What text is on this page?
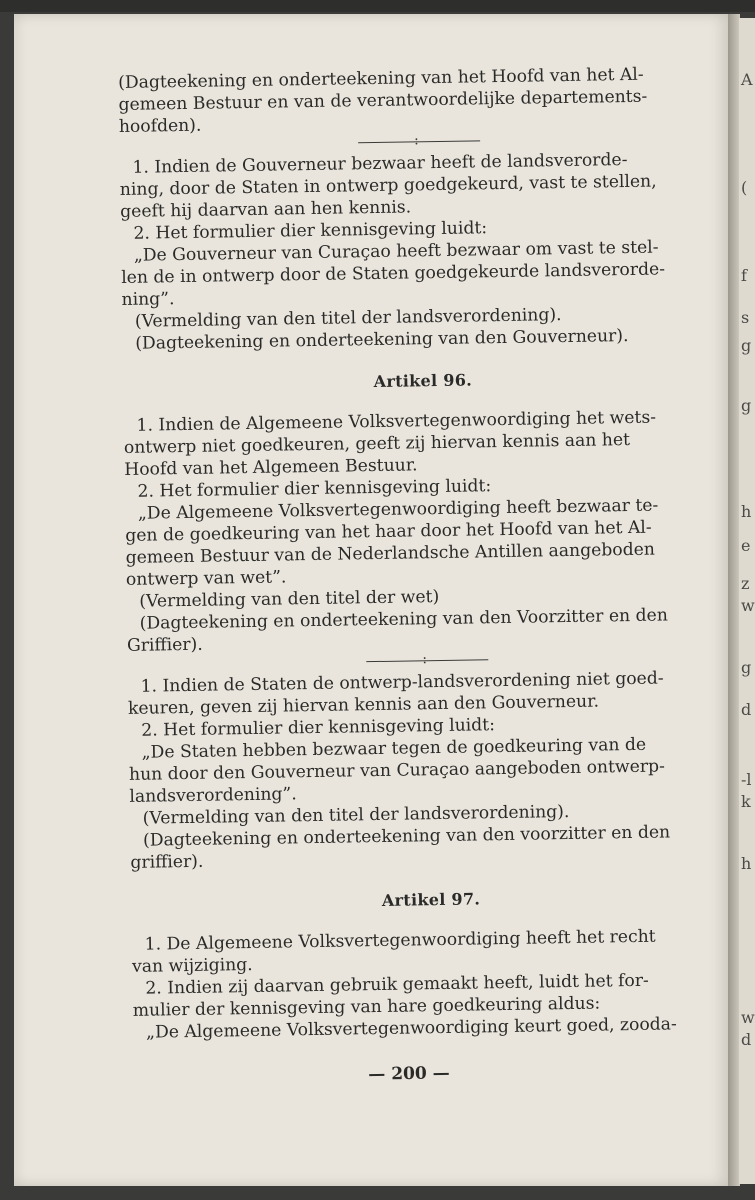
(Dagteekening en onderteekening van het Hoofd van het Al-

gemeen Bestuur en van de verantwoordelijke departements-

hoofden).

:

1. Indien de Gouverneur bezwaar heeft de landsverorde-

ning, door de Staten in ontwerp goedgekeurd, vast te stellen,

geeft hij daarvan aan hen kennis.

2. Het formulier dier kennisgeving luidt:

„De Gouverneur van Curaçao heeft bezwaar om vast te stel-

len de in ontwerp door de Staten goedgekeurde landsverorde-

ning”.

(Vermelding van den titel der landsverordening).

(Dagteekening en onderteekening van den Gouverneur).

Artikel 96.

1. Indien de Algemeene Volksvertegenwoordiging het wets-

ontwerp niet goedkeuren, geeft zij hiervan kennis aan het

Hoofd van het Algemeen Bestuur.

2. Het formulier dier kennisgeving luidt:

„De Algemeene Volksvertegenwoordiging heeft bezwaar te-

gen de goedkeuring van het haar door het Hoofd van het Al-

gemeen Bestuur van de Nederlandsche Antillen aangeboden

ontwerp van wet”.

(Vermelding van den titel der wet)

(Dagteekening en onderteekening van den Voorzitter en den

Griffier).

:

1. Indien de Staten de ontwerp-landsverordening niet goed-

keuren, geven zij hiervan kennis aan den Gouverneur.

2. Het formulier dier kennisgeving luidt:

„De Staten hebben bezwaar tegen de goedkeuring van de

hun door den Gouverneur van Curaçao aangeboden ontwerp-

landsverordening”.

(Vermelding van den titel der landsverordening).

(Dagteekening en onderteekening van den voorzitter en den

griffier).

Artikel 97.

1. De Algemeene Volksvertegenwoordiging heeft het recht

van wijziging.

2. Indien zij daarvan gebruik gemaakt heeft, luidt het for-

mulier der kennisgeving van hare goedkeuring aldus:

„De Algemeene Volksvertegenwoordiging keurt goed, zooda-

— 200 —
A
(
f
s
g
g
h
e
z
w
g
d
-l
k
h
w
d
